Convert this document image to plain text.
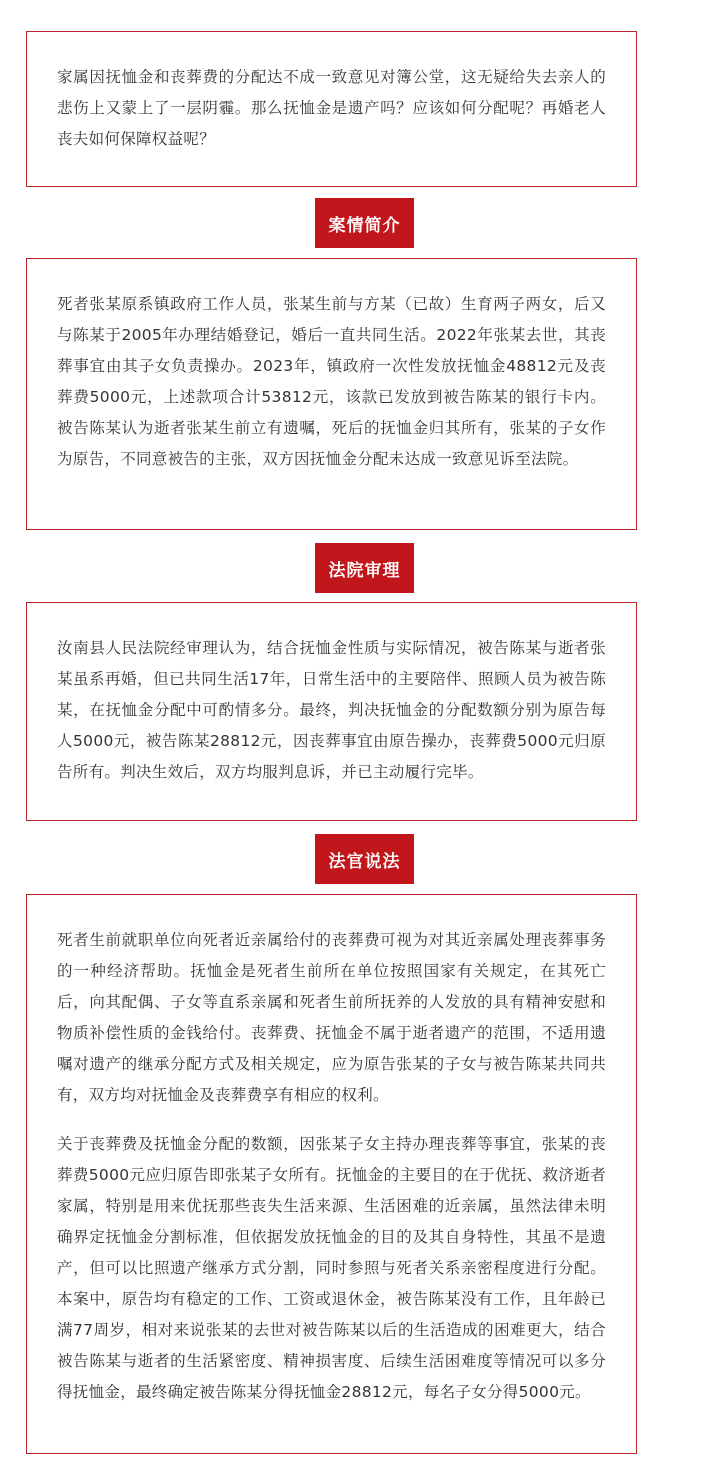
家属因抚恤金和丧葬费的分配达不成一致意见对簿公堂，这无疑给失去亲人的悲伤上又蒙上了一层阴霾。那么抚恤金是遗产吗？应该如何分配呢？再婚老人丧夫如何保障权益呢？

案情简介

死者张某原系镇政府工作人员，张某生前与方某（已故）生育两子两女，后又与陈某于2005年办理结婚登记，婚后一直共同生活。2022年张某去世，其丧葬事宜由其子女负责操办。2023年，镇政府一次性发放抚恤金48812元及丧葬费5000元，上述款项合计53812元，该款已发放到被告陈某的银行卡内。被告陈某认为逝者张某生前立有遗嘱，死后的抚恤金归其所有，张某的子女作为原告，不同意被告的主张，双方因抚恤金分配未达成一致意见诉至法院。

法院审理

汝南县人民法院经审理认为，结合抚恤金性质与实际情况，被告陈某与逝者张某虽系再婚，但已共同生活17年，日常生活中的主要陪伴、照顾人员为被告陈某，在抚恤金分配中可酌情多分。最终，判决抚恤金的分配数额分别为原告每人5000元，被告陈某28812元，因丧葬事宜由原告操办，丧葬费5000元归原告所有。判决生效后，双方均服判息诉，并已主动履行完毕。

法官说法

死者生前就职单位向死者近亲属给付的丧葬费可视为对其近亲属处理丧葬事务的一种经济帮助。抚恤金是死者生前所在单位按照国家有关规定，在其死亡后，向其配偶、子女等直系亲属和死者生前所抚养的人发放的具有精神安慰和物质补偿性质的金钱给付。丧葬费、抚恤金不属于逝者遗产的范围，不适用遗嘱对遗产的继承分配方式及相关规定，应为原告张某的子女与被告陈某共同共有，双方均对抚恤金及丧葬费享有相应的权利。

关于丧葬费及抚恤金分配的数额，因张某子女主持办理丧葬等事宜，张某的丧葬费5000元应归原告即张某子女所有。抚恤金的主要目的在于优抚、救济逝者家属，特别是用来优抚那些丧失生活来源、生活困难的近亲属，虽然法律未明确界定抚恤金分割标准，但依据发放抚恤金的目的及其自身特性，其虽不是遗产，但可以比照遗产继承方式分割，同时参照与死者关系亲密程度进行分配。本案中，原告均有稳定的工作、工资或退休金，被告陈某没有工作，且年龄已满77周岁，相对来说张某的去世对被告陈某以后的生活造成的困难更大，结合被告陈某与逝者的生活紧密度、精神损害度、后续生活困难度等情况可以多分得抚恤金，最终确定被告陈某分得抚恤金28812元，每名子女分得5000元。
